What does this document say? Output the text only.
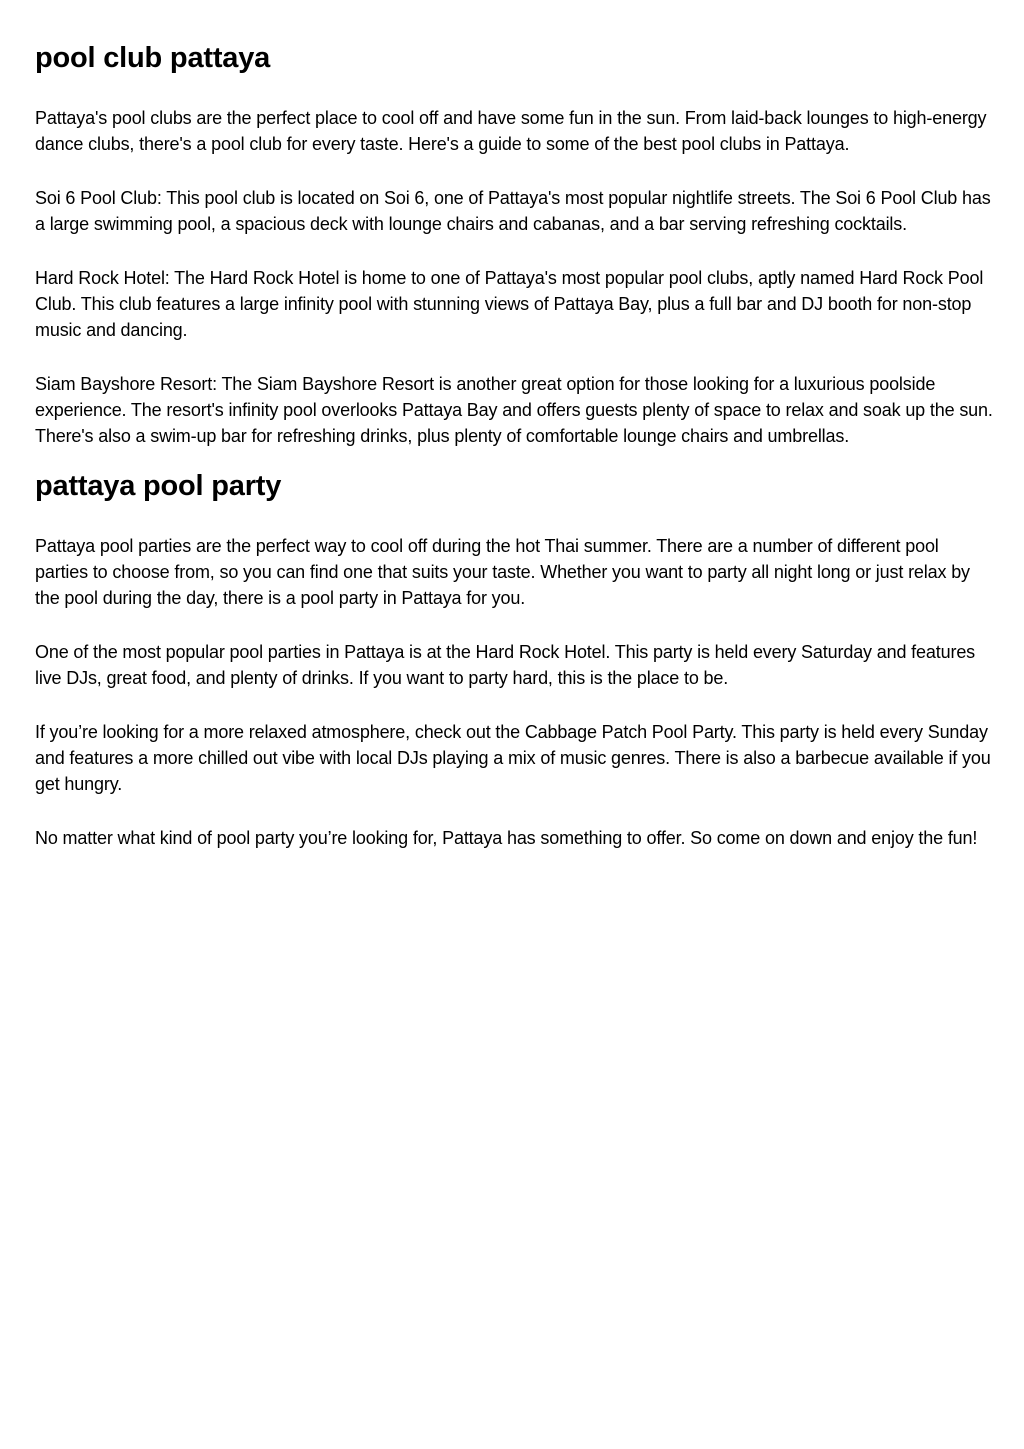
pool club pattaya

Pattaya's pool clubs are the perfect place to cool off and have some fun in the sun. From laid-back lounges to high-energy dance clubs, there's a pool club for every taste. Here's a guide to some of the best pool clubs in Pattaya.

Soi 6 Pool Club: This pool club is located on Soi 6, one of Pattaya's most popular nightlife streets. The Soi 6 Pool Club has a large swimming pool, a spacious deck with lounge chairs and cabanas, and a bar serving refreshing cocktails.

Hard Rock Hotel: The Hard Rock Hotel is home to one of Pattaya's most popular pool clubs, aptly named Hard Rock Pool Club. This club features a large infinity pool with stunning views of Pattaya Bay, plus a full bar and DJ booth for non-stop music and dancing.

Siam Bayshore Resort: The Siam Bayshore Resort is another great option for those looking for a luxurious poolside experience. The resort's infinity pool overlooks Pattaya Bay and offers guests plenty of space to relax and soak up the sun. There's also a swim-up bar for refreshing drinks, plus plenty of comfortable lounge chairs and umbrellas.

pattaya pool party

Pattaya pool parties are the perfect way to cool off during the hot Thai summer. There are a number of different pool parties to choose from, so you can find one that suits your taste. Whether you want to party all night long or just relax by the pool during the day, there is a pool party in Pattaya for you.

One of the most popular pool parties in Pattaya is at the Hard Rock Hotel. This party is held every Saturday and features live DJs, great food, and plenty of drinks. If you want to party hard, this is the place to be.

If you’re looking for a more relaxed atmosphere, check out the Cabbage Patch Pool Party. This party is held every Sunday and features a more chilled out vibe with local DJs playing a mix of music genres. There is also a barbecue available if you get hungry.

No matter what kind of pool party you’re looking for, Pattaya has something to offer. So come on down and enjoy the fun!
